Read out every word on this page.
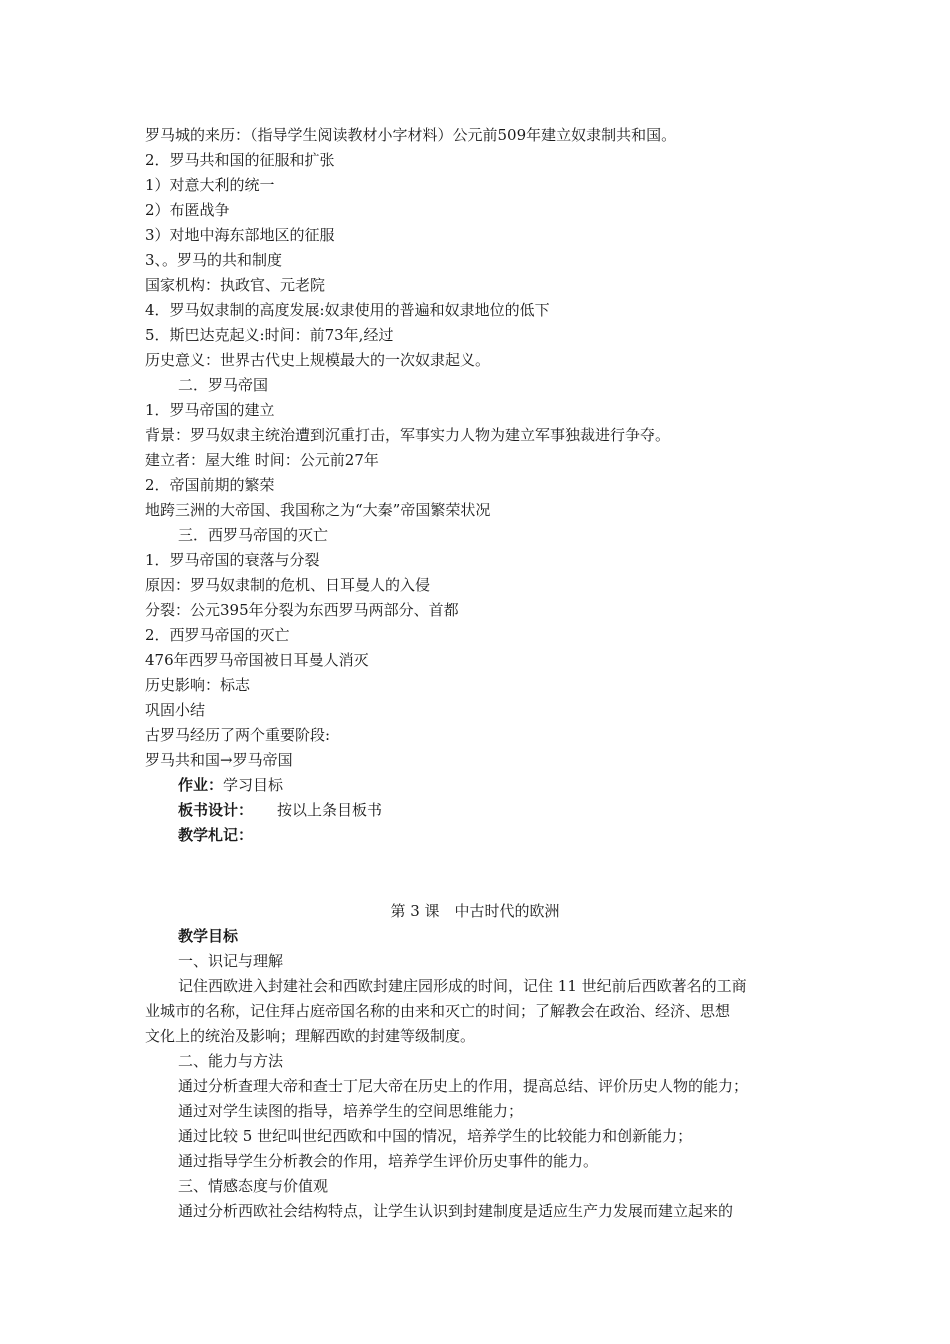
罗马城的来历：（指导学生阅读教材小字材料）公元前509年建立奴隶制共和国。
2．罗马共和国的征服和扩张
1）对意大利的统一
2）布匿战争
3）对地中海东部地区的征服
3、。罗马的共和制度
国家机构：执政官、元老院
4．罗马奴隶制的高度发展:奴隶使用的普遍和奴隶地位的低下
5．斯巴达克起义:时间：前73年,经过
历史意义：世界古代史上规模最大的一次奴隶起义。
二．罗马帝国
1．罗马帝国的建立
背景：罗马奴隶主统治遭到沉重打击，军事实力人物为建立军事独裁进行争夺。
建立者：屋大维 时间：公元前27年
2．帝国前期的繁荣
地跨三洲的大帝国、我国称之为“大秦”帝国繁荣状况
三．西罗马帝国的灭亡
1．罗马帝国的衰落与分裂
原因：罗马奴隶制的危机、日耳曼人的入侵
分裂：公元395年分裂为东西罗马两部分、首都
2．西罗马帝国的灭亡
476年西罗马帝国被日耳曼人消灭
历史影响：标志
巩固小结
古罗马经历了两个重要阶段:
罗马共和国→罗马帝国
作业：学习目标
板书设计： 按以上条目板书
教学札记：
第 3 课　中古时代的欧洲
教学目标
一、识记与理解
记住西欧进入封建社会和西欧封建庄园形成的时间，记住 11 世纪前后西欧著名的工商
业城市的名称，记住拜占庭帝国名称的由来和灭亡的时间；了解教会在政治、经济、思想
文化上的统治及影响；理解西欧的封建等级制度。
二、能力与方法
通过分析查理大帝和查士丁尼大帝在历史上的作用，提高总结、评价历史人物的能力；
通过对学生读图的指导，培养学生的空间思维能力；
通过比较 5 世纪叫世纪西欧和中国的情况，培养学生的比较能力和创新能力；
通过指导学生分析教会的作用，培养学生评价历史事件的能力。
三、情感态度与价值观
通过分析西欧社会结构特点，让学生认识到封建制度是适应生产力发展而建立起来的
